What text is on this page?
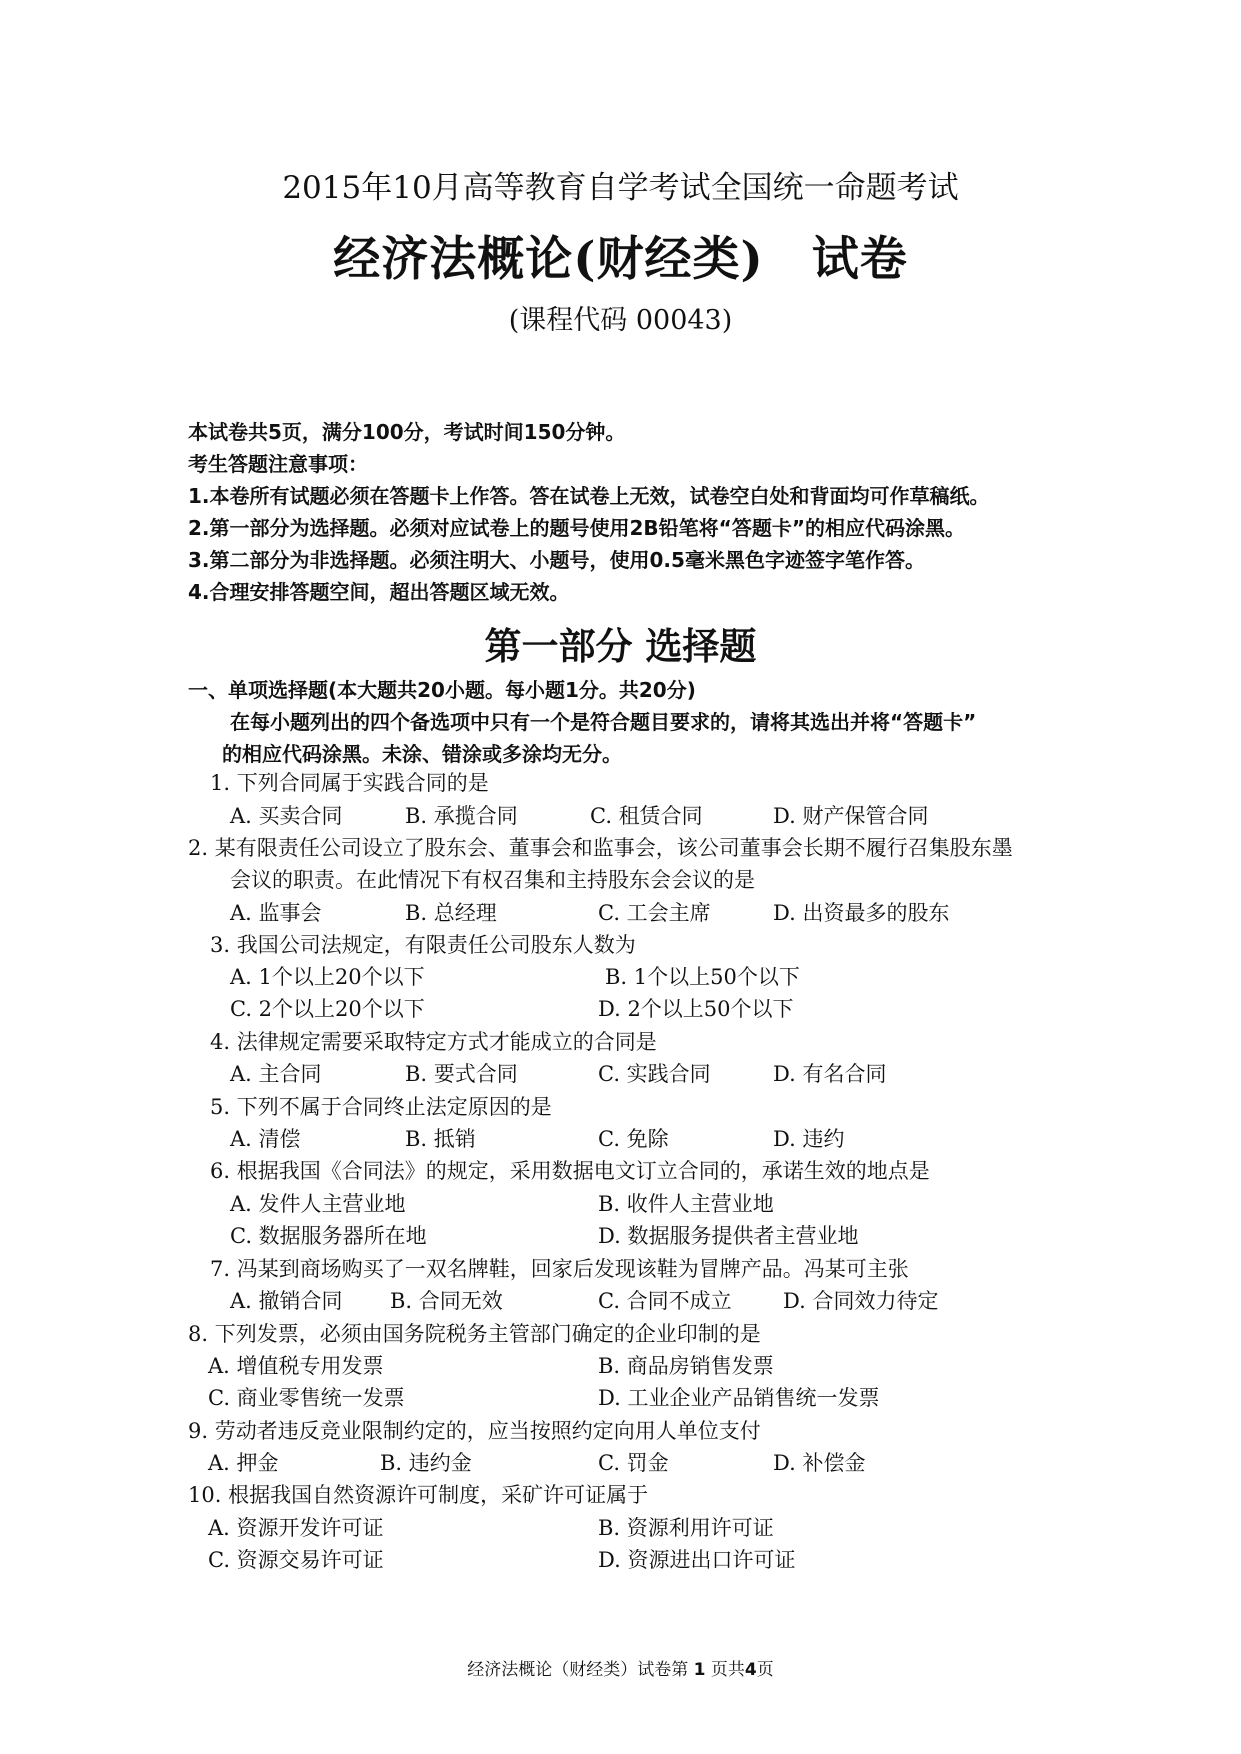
2015年10月高等教育自学考试全国统一命题考试
经济法概论(财经类)　试卷
(课程代码 00043)
本试卷共5页，满分100分，考试时间150分钟。
考生答题注意事项：
1.本卷所有试题必须在答题卡上作答。答在试卷上无效，试卷空白处和背面均可作草稿纸。
2.第一部分为选择题。必须对应试卷上的题号使用2B铅笔将“答题卡”的相应代码涂黑。
3.第二部分为非选择题。必须注明大、小题号，使用0.5毫米黑色字迹签字笔作答。
4.合理安排答题空间，超出答题区域无效。
第一部分 选择题
一、单项选择题(本大题共20小题。每小题1分。共20分)
在每小题列出的四个备选项中只有一个是符合题目要求的，请将其选出并将“答题卡”
的相应代码涂黑。未涂、错涂或多涂均无分。
1. 下列合同属于实践合同的是
A. 买卖合同	B. 承揽合同	C. 租赁合同	D. 财产保管合同
2. 某有限责任公司设立了股东会、董事会和监事会，该公司董事会长期不履行召集股东墨
会议的职责。在此情况下有权召集和主持股东会会议的是
A. 监事会	B. 总经理	C. 工会主席	D. 出资最多的股东
3. 我国公司法规定，有限责任公司股东人数为
A. 1个以上20个以下	B. 1个以上50个以下
C. 2个以上20个以下	D. 2个以上50个以下
4. 法律规定需要采取特定方式才能成立的合同是
A. 主合同	B. 要式合同	C. 实践合同	D. 有名合同
5. 下列不属于合同终止法定原因的是
A. 清偿	B. 抵销	C. 免除	D. 违约
6. 根据我国《合同法》的规定，采用数据电文订立合同的，承诺生效的地点是
A. 发件人主营业地	B. 收件人主营业地
C. 数据服务器所在地	D. 数据服务提供者主营业地
7. 冯某到商场购买了一双名牌鞋，回家后发现该鞋为冒牌产品。冯某可主张
A. 撤销合同 B. 合同无效	C. 合同不成立 D. 合同效力待定
8. 下列发票，必须由国务院税务主管部门确定的企业印制的是
A. 增值税专用发票	B. 商品房销售发票
C. 商业零售统一发票	D. 工业企业产品销售统一发票
9. 劳动者违反竞业限制约定的，应当按照约定向用人单位支付
A. 押金	B. 违约金	C. 罚金	D. 补偿金
10. 根据我国自然资源许可制度，采矿许可证属于
A. 资源开发许可证	B. 资源利用许可证
C. 资源交易许可证	D. 资源进出口许可证
经济法概论（财经类）试卷第 1 页共4页
